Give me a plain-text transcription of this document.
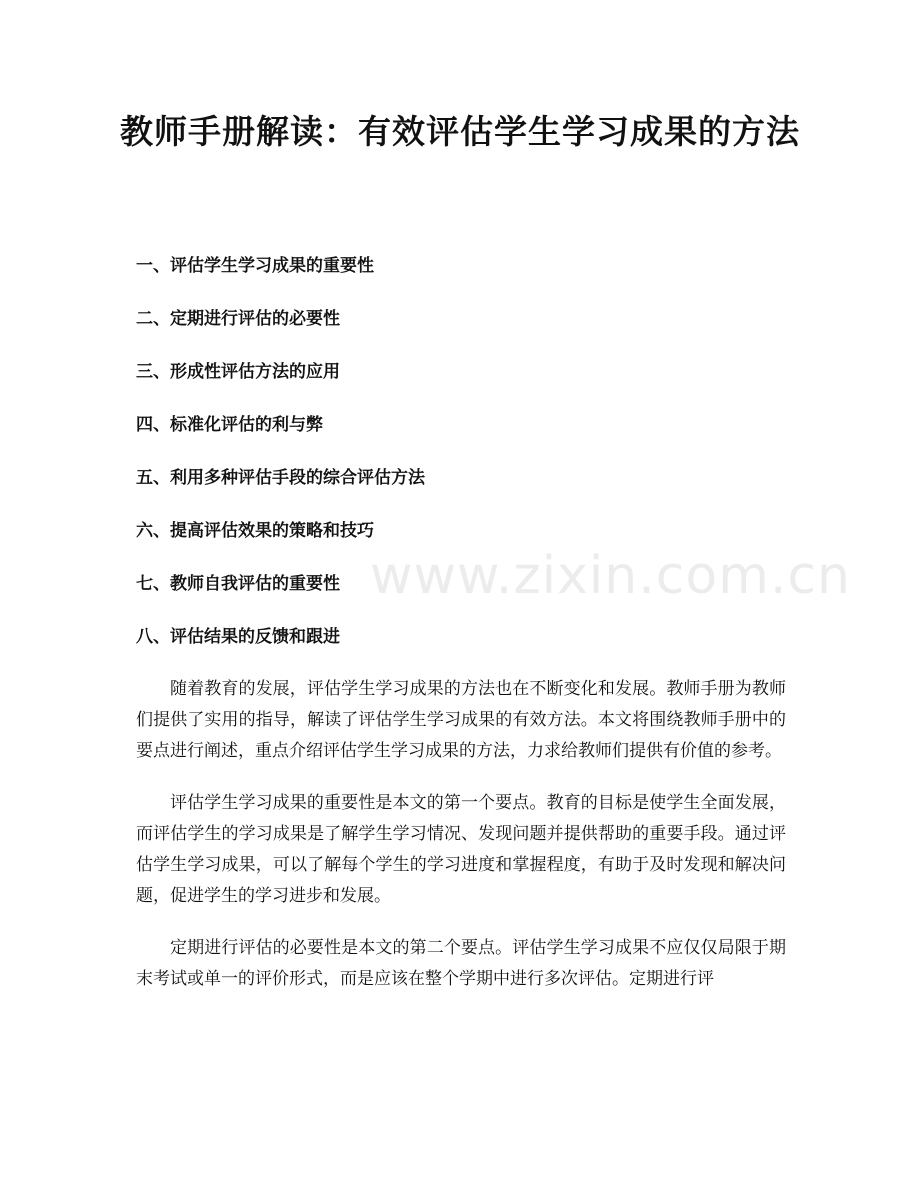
教师手册解读：有效评估学生学习成果的方法
一、评估学生学习成果的重要性
二、定期进行评估的必要性
三、形成性评估方法的应用
四、标准化评估的利与弊
五、利用多种评估手段的综合评估方法
六、提高评估效果的策略和技巧
七、教师自我评估的重要性
八、评估结果的反馈和跟进

随着教育的发展，评估学生学习成果的方法也在不断变化和发展。教师手册为教师们提供了实用的指导，解读了评估学生学习成果的有效方法。本文将围绕教师手册中的要点进行阐述，重点介绍评估学生学习成果的方法，力求给教师们提供有价值的参考。

评估学生学习成果的重要性是本文的第一个要点。教育的目标是使学生全面发展，而评估学生的学习成果是了解学生学习情况、发现问题并提供帮助的重要手段。通过评估学生学习成果，可以了解每个学生的学习进度和掌握程度，有助于及时发现和解决问题，促进学生的学习进步和发展。

定期进行评估的必要性是本文的第二个要点。评估学生学习成果不应仅仅局限于期末考试或单一的评价形式，而是应该在整个学期中进行多次评估。定期进行评

www.zixin.com.cn
